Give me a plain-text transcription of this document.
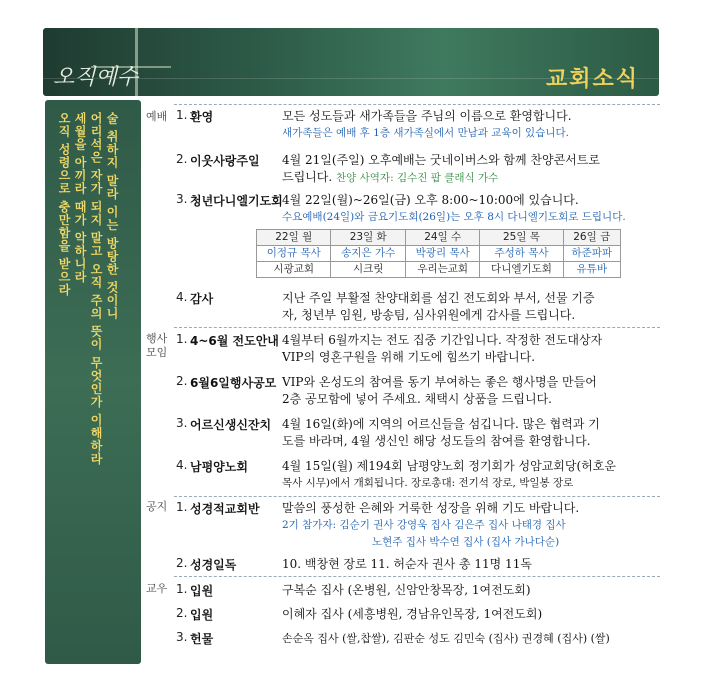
오직예수	교회소식
술 취하지 말라 이는 방탕한 것이니
어리석은 자가 되지 말고 오직 주의 뜻이 무엇인가 이해하라
세월을 아끼라 때가 악하니라
오직 성령으로 충만함을 받으라	예배
행사
모임
공지
교우
1. 환영	모든 성도들과 새가족들을 주님의 이름으로 환영합니다.
새가족들은 예배 후 1층 새가족실에서 만남과 교육이 있습니다.
2. 이웃사랑주일 4월 21일(주일) 오후예배는 굿네이버스와 함께 찬양콘서트로
드립니다. 찬양 사역자: 김수진 팝 클래식 가수
3. 청년다니엘기도회 4월 22일(월)~26일(금) 오후 8:00~10:00에 있습니다.
수요예배(24일)와 금요기도회(26일)는 오후 8시 다니엘기도회로 드립니다.
22일 월	23일 화	24일 수	25일 목	26일 금
이정규 목사	송지은 가수	박광리 목사	주성하 목사	하준파파
시광교회	시크릿	우리는교회	다니엘기도회	유튜바
4. 감사	지난 주일 부활절 찬양대회를 섬긴 전도회와 부서, 선물 기증
자, 청년부 임원, 방송팀, 심사위원에게 감사를 드립니다.
1. 4~6월 전도안내 4월부터 6월까지는 전도 집중 기간입니다. 작정한 전도대상자
VIP의 영혼구원을 위해 기도에 힘쓰기 바랍니다.
2. 6월6일행사공모 VIP와 온성도의 참여를 동기 부여하는 좋은 행사명을 만들어
2층 공모함에 넣어 주세요. 채택시 상품을 드립니다.
3. 어르신생신잔치 4월 16일(화)에 지역의 어르신들을 섬깁니다. 많은 협력과 기
도를 바라며, 4월 생신인 해당 성도들의 참여를 환영합니다.
4. 남평양노회	4월 15일(월) 제194회 남평양노회 정기회가 성암교회당(허호운
목사 시무)에서 개회됩니다. 장로총대: 전기석 장로, 박일봉 장로
1. 성경적교회반 말씀의 풍성한 은혜와 거룩한 성장을 위해 기도 바랍니다.
2기 참가자: 김순기 권사 강영욱 집사 김은주 집사 나태경 집사
노현주 집사 박수연 집사 (집사 가나다순)
2. 성경일독	10. 백창현 장로 11. 허순자 권사 총 11명 11독
1. 입원	구복순 집사 (온병원, 신암안창목장, 1여전도회)
2. 입원	이혜자 집사 (세흥병원, 경남유인목장, 1여전도회)
3. 헌물	손순옥 집사 (쌀,찹쌀), 김판순 성도 김민숙 (집사) 권경혜 (집사) (쌀)
